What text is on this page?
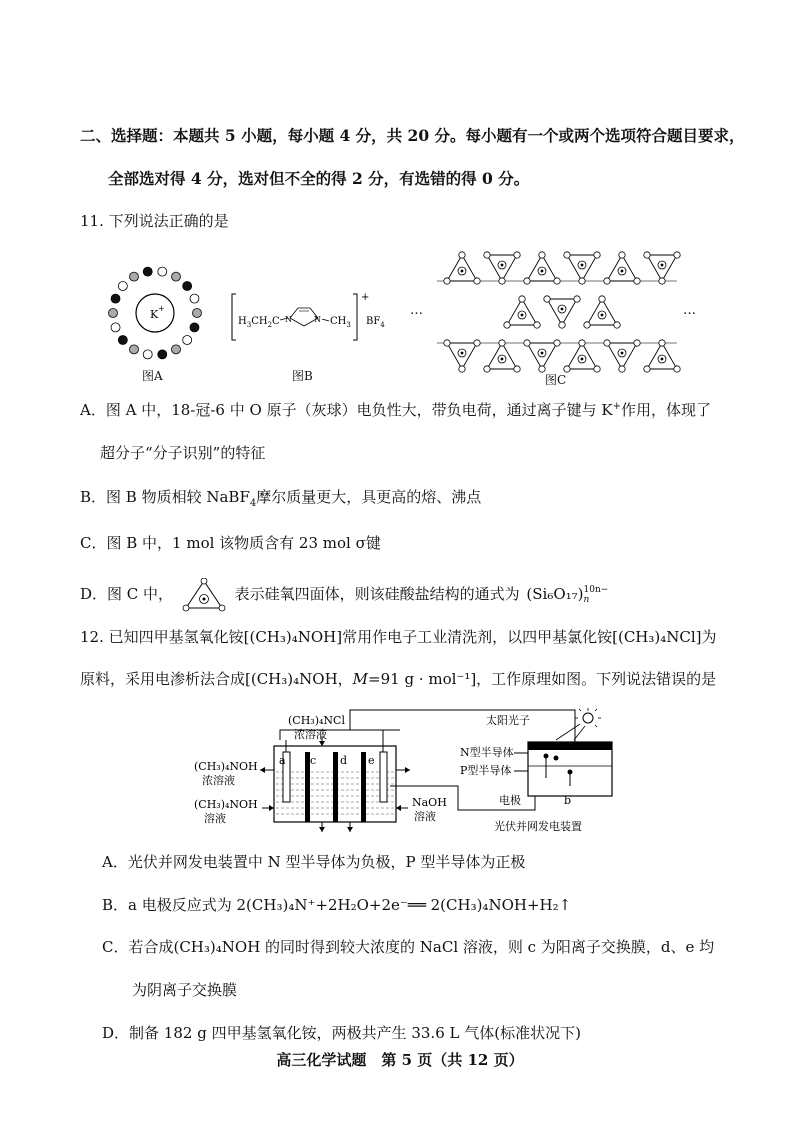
二、选择题：本题共 5 小题，每小题 4 分，共 20 分。每小题有一个或两个选项符合题目要求，
全部选对得 4 分，选对但不全的得 2 分，有选错的得 0 分。
11. 下列说法正确的是
K +
图A
$H_3CH_2C$ N	N $CH_3$
+
$BF_4$
图B
…	…
图C
A．图 A 中，18-冠-6 中 O 原子（灰球）电负性大，带负电荷，通过离子键与 K+作用，体现了
超分子“分子识别”的特征
B．图 B 物质相较 NaBF$_4$摩尔质量更大，具更高的熔、沸点
C．图 B 中，1 mol 该物质含有 23 mol σ键
D．图 C 中，	表示硅氧四面体，则该硅酸盐结构的通式为 (Si₆O₁₇) 10n−
n
12. 已知四甲基氢氧化铵[(CH₃)₄NOH]常用作电子工业清洗剂，以四甲基氯化铵[(CH₃)₄NCl]为
原料，采用电渗析法合成[(CH₃)₄NOH，M=91 g · mol⁻¹]，工作原理如图。下列说法错误的是
a c d e
(CH₃)₄NCl
浓溶液
(CH₃)₄NOH
浓溶液
(CH₃)₄NOH
溶液
NaOH
溶液
太阳光子
N型半导体
P型半导体
电极	b
光伏并网发电装置
A．光伏并网发电装置中 N 型半导体为负极，P 型半导体为正极
B．a 电极反应式为 2(CH₃)₄N⁺+2H₂O+2e⁻══ 2(CH₃)₄NOH+H₂↑
C．若合成(CH₃)₄NOH 的同时得到较大浓度的 NaCl 溶液，则 c 为阳离子交换膜，d、e 均
为阴离子交换膜
D．制备 182 g 四甲基氢氧化铵，两极共产生 33.6 L 气体(标准状况下)
高三化学试题　第 5 页（共 12 页）
